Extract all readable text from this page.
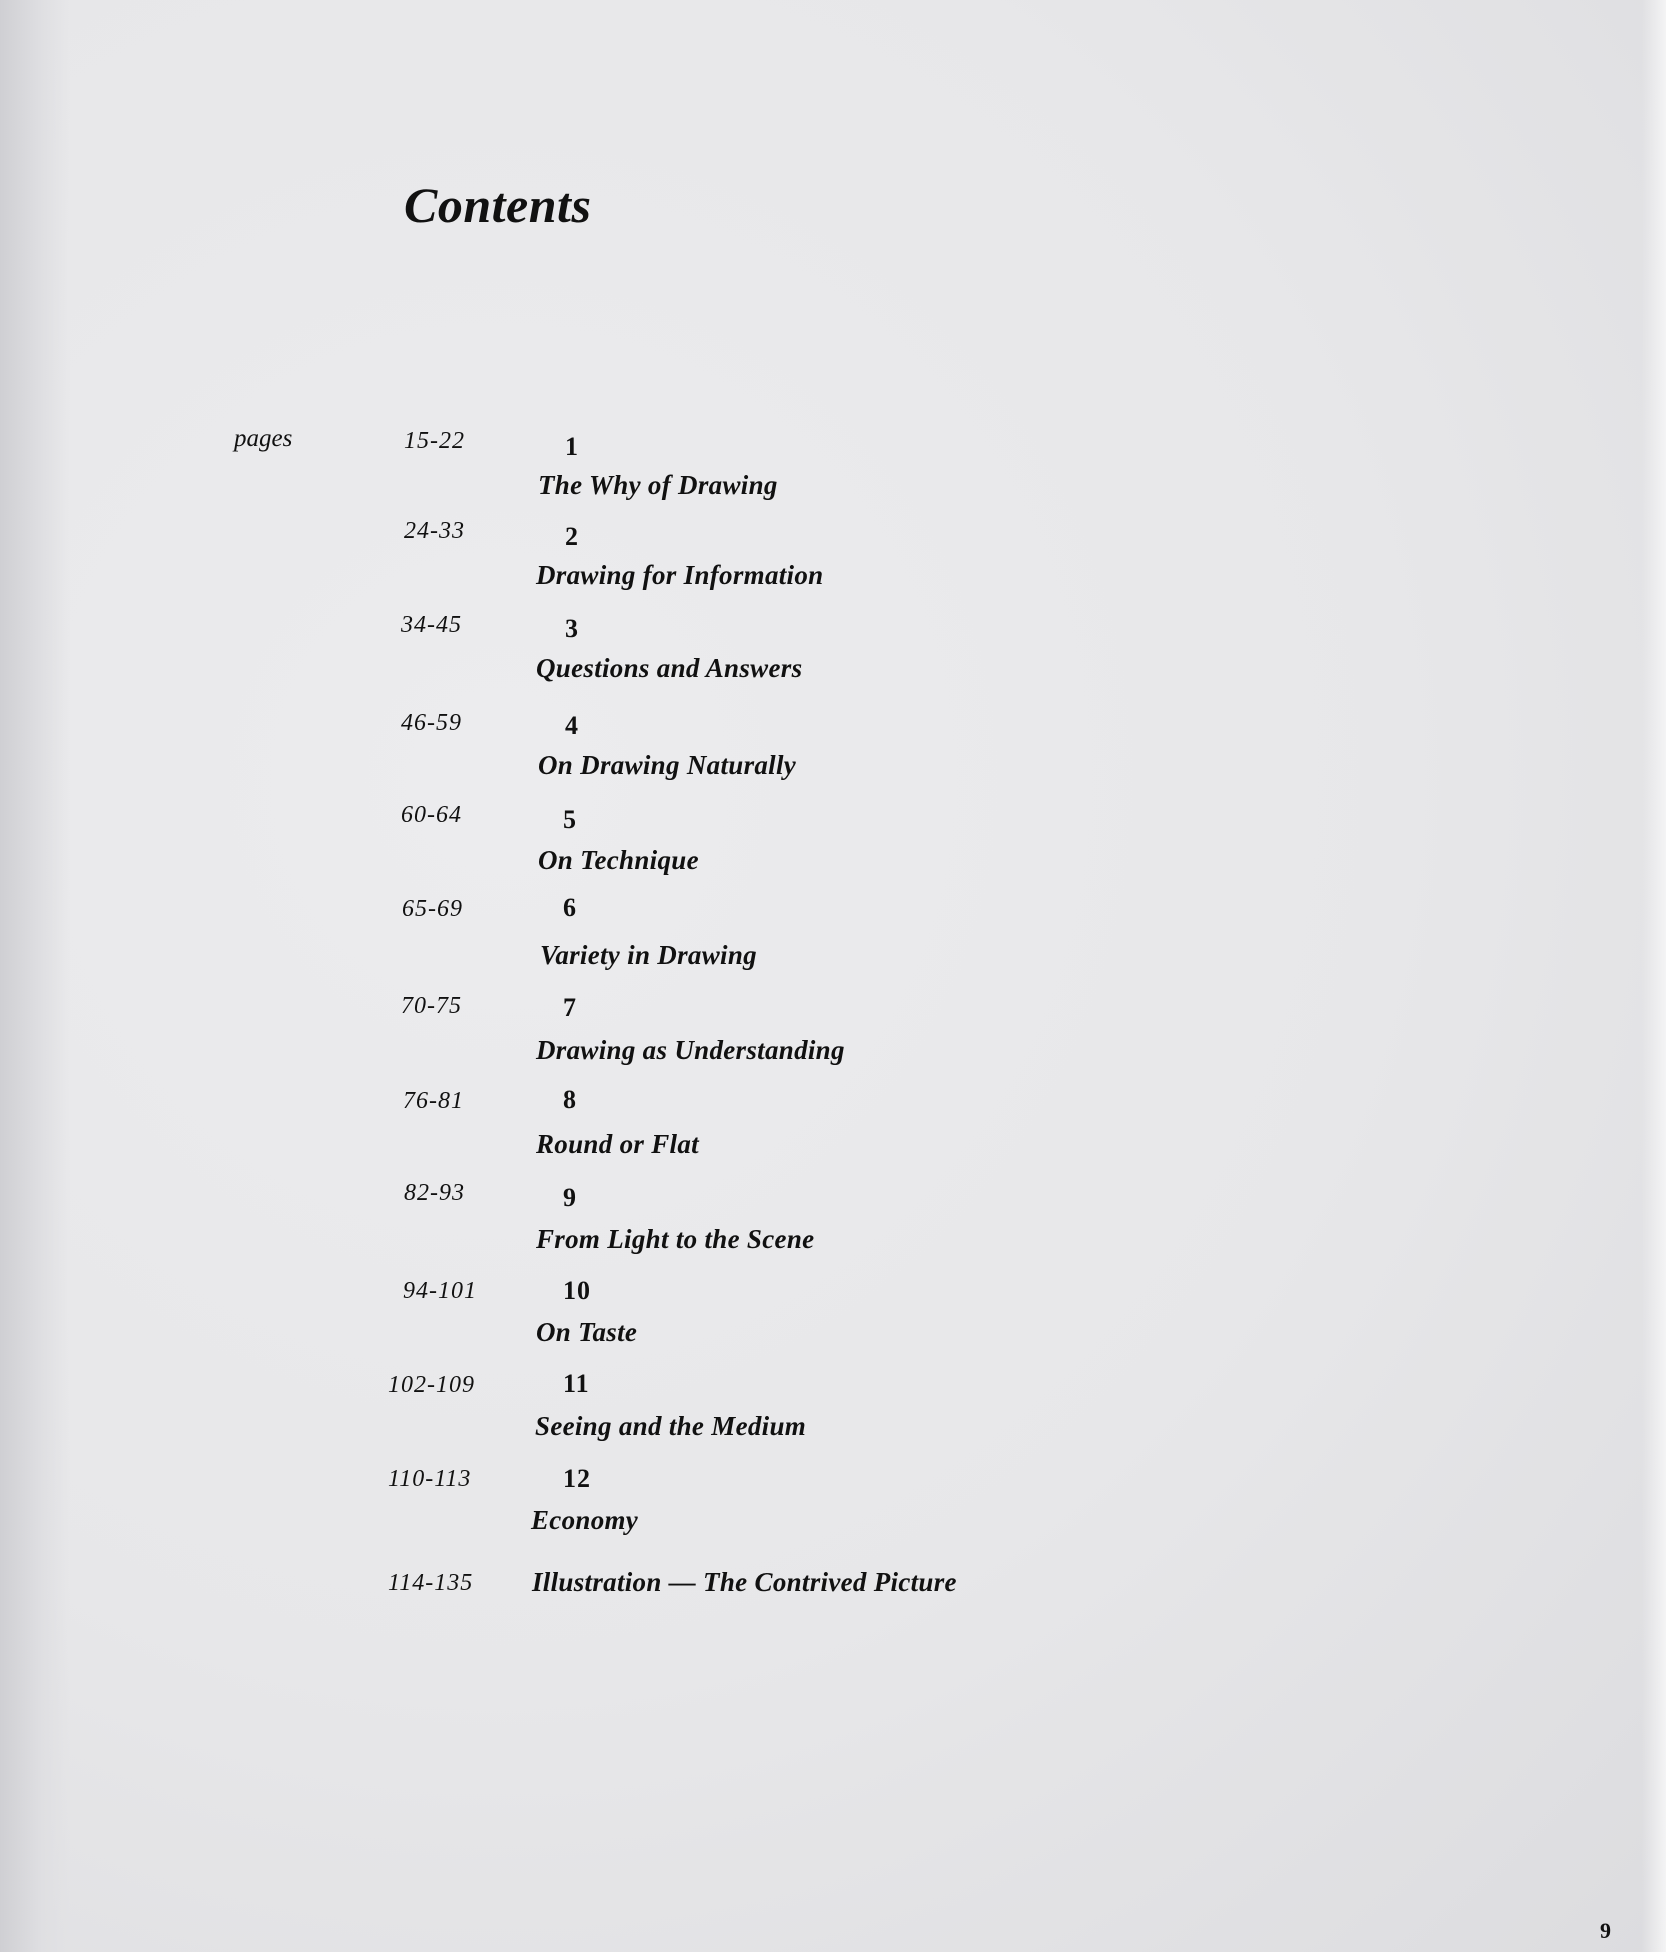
Contents
pages	15-22	1
The Why of Drawing
24-33	2
Drawing for Information
34-45	3
Questions and Answers
46-59	4
On Drawing Naturally
60-64	5
On Technique
65-69	6
Variety in Drawing
70-75	7
Drawing as Understanding
76-81	8
Round or Flat
82-93	9
From Light to the Scene
94-101	10
On Taste
102-109	11
Seeing and the Medium
110-113	12
Economy
114-135 Illustration — The Contrived Picture
9
